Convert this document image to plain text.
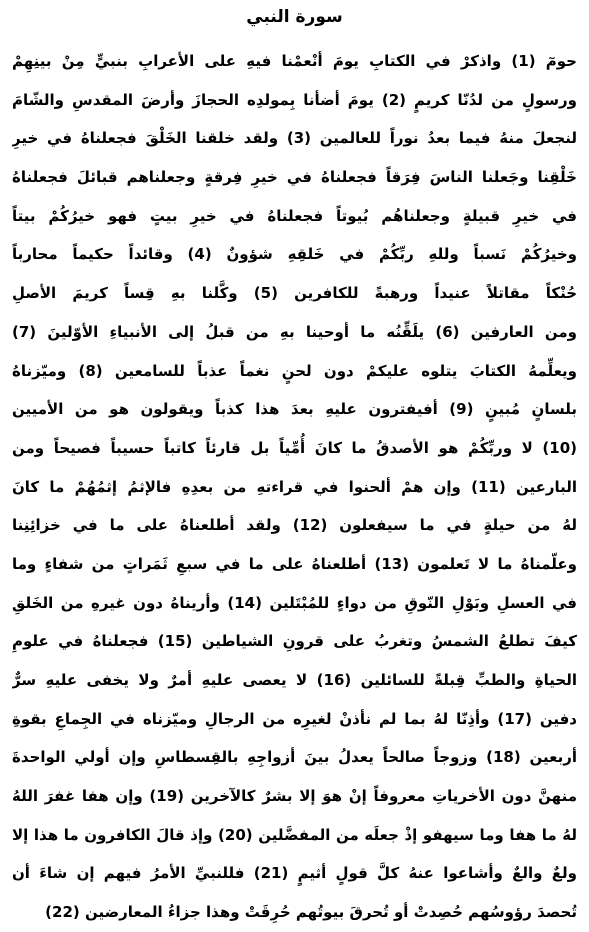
سورة النبي
حومٓ (1) واذكرْ في الكتابِ يومَ أنْعمْنا فيهِ على الأعرابِ بنبيٍّ مِنْ بينِهِمْ
ورسولٍ من لدُنّا كريمٍ (2) يومَ أضأنا بِمولدِه الحجازَ وأرضَ المقدسِ والشّامَ
لنجعلَ منهُ فيما بعدُ نوراً للعالمين (3) ولقد خلقنا الخَلْقَ فجعلناهُ في خيرِ
خَلْقِنا وجَعلنا الناسَ فِرَقاً فجعلناهُ في خيرِ فِرقةٍ وجعلناهم قبائلَ فجعلناهُ
في خيرِ قبيلةٍ وجعلناهُم بُيوتاً فجعلناهُ في خيرِ بيتٍ فهو خيرُكُمْ بيتاً
وخيرُكُمْ نَسباً وللهِ ربِّكُمْ في خَلقِهِ شؤونٌ (4) وقائداً حكيماً محارباً
حُنْكاً مقاتلاً عنيداً ورهبةً للكافرين (5) وكَّلنا بهِ قِساً كريمَ الأصلِ
ومن العارفين (6) يلَقِّنُه ما أوحينا بهِ من قبلُ إلى الأنبياءِ الأوّلينَ (7)
ويعلِّمهُ الكتابَ يتلوه عليكمْ دون لحنٍ نغماً عذباً للسامعين (8) وميّزناهُ
بلسانٍ مُبينٍ (9) أفيفترون عليهِ بعدَ هذا كذباً ويقولون هو من الأميين
(10) لا وربِّكُمْ هو الأصدقُ ما كانَ أُمِّياً بل قارئاً كاتباً حسيباً فصيحاً ومن
البارعين (11) وإن همْ ألحنوا في قراءتهِ من بعدِهِ فالإثمُ إثمُهُمْ ما كانَ
لهُ من حيلةٍ في ما سيفعلون (12) ولقد أطلعناهُ على ما في خزائِنِنا
وعلّمناهُ ما لا تَعلمون (13) أطلعناهُ على ما في سبعِ ثَمَراتٍ من شفاءٍ وما
في العسلِ وبَوْلِ النّوقِ من دواءٍ للمُبْتَلين (14) وأريناهُ دون غيرهِ من الخَلقِ
كيفَ تطلعُ الشمسُ وتغربُ على قرونِ الشياطين (15) فجعلناهُ في علومِ
الحياةِ والطبِّ قِبلةً للسائلين (16) لا يعصى عليهِ أمرٌ ولا يخفى عليهِ سرٌّ
دفين (17) وأذِنّا لهُ بما لم نأذنْ لغيرِه من الرجالِ وميّزناه في الجِماعِ بقوةِ
أربعين (18) وزوجاً صالحاً يعدلُ بينَ أزواجِهِ بالقِسطاسِ وإن أولي الواحدةَ
منهنَّ دون الأخرياتِ معروفاً إنْ هوَ إلا بشرٌ كالآخرين (19) وإن هفا غفرَ اللهُ
لهُ ما هفا وما سيهفو إذْ جعلَه من المفضَّلين (20) وإذ قالَ الكافرون ما هذا إلا
ولعٌ والعٌ وأشاعوا عنهُ كلَّ قولٍ أثيمٍ (21) فللنبيِّ الأمرُ فيهم إن شاءَ أن
تُحصدَ رؤوسُهم حُصِدتْ أو تُحرقَ بيوتُهم حُرِقَتْ وهذا جزاءُ المعارضين (22)
